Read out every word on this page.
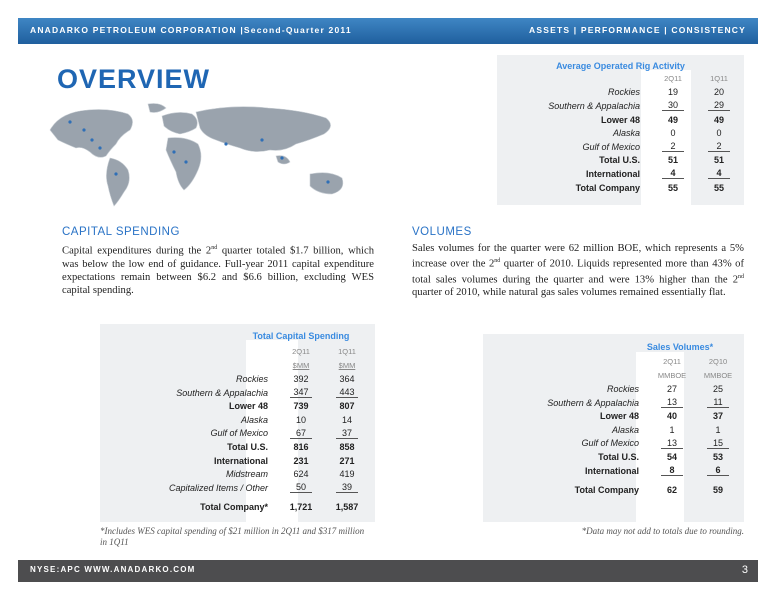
ANADARKO PETROLEUM CORPORATION |Second-Quarter 2011	ASSETS | PERFORMANCE | CONSISTENCY
OVERVIEW	Average Operated Rig Activity
	2Q11	1Q11
Rockies	19	20
Southern & Appalachia	30	29
Lower 48	49	49
Alaska	0	0
Gulf of Mexico	2	2
Total U.S.	51	51
International	4	4
Total Company	55	55
CAPITAL SPENDING
Capital expenditures during the 2nd quarter totaled $1.7 billion, which was below the low end of guidance. Full-year 2011 capital expenditure expectations remain between $6.2 and $6.6 billion, excluding WES capital spending.
VOLUMES
Sales volumes for the quarter were 62 million BOE, which represents a 5% increase over the 2nd quarter of 2010. Liquids represented more than 43% of total sales volumes during the quarter and were 13% higher than the 2nd quarter of 2010, while natural gas sales volumes remained essentially flat.
Total Capital Spending
	2Q11	1Q11
	$MM	$MM
Rockies	392	364
Southern & Appalachia	347	443
Lower 48	739	807
Alaska	10	14
Gulf of Mexico	67	37
Total U.S.	816	858
International	231	271
Midstream	624	419
Capitalized Items / Other	50	39

Total Company*	1,721	1,587
*Includes WES capital spending of $21 million in 2Q11 and $317 million in 1Q11
Sales Volumes*
	2Q11	2Q10
	MMBOE	MMBOE
Rockies	27	25
Southern & Appalachia	13	11
Lower 48	40	37
Alaska	1	1
Gulf of Mexico	13	15
Total U.S.	54	53
International	8	6

Total Company	62	59
*Data may not add to totals due to rounding.
NYSE:APC WWW.ANADARKO.COM	3
